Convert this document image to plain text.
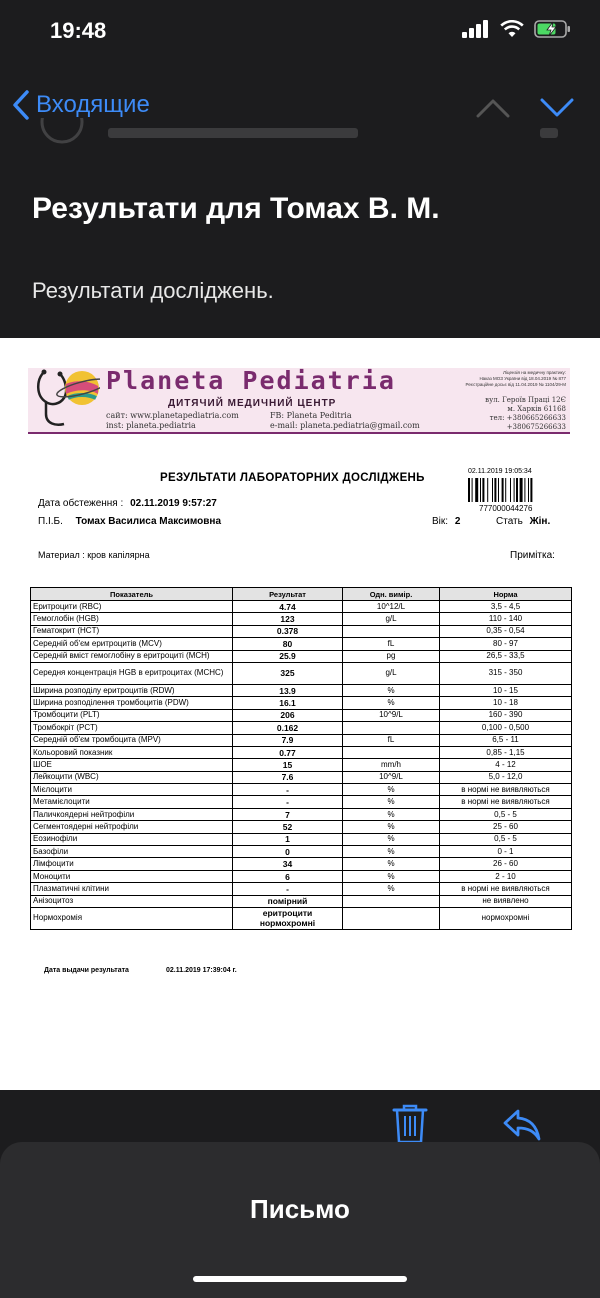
19:48
Входящие
Результати для Томах В. М.
Результати досліджень.
Planeta Pediatria
ДИТЯЧИЙ МЕДИЧНИЙ ЦЕНТР
сайт: www.planetapediatria.com
inst: planeta.pediatria
FB: Planeta Peditria
e-mail: planeta.pediatria@gmail.com
Ліцензія на медичну практику:
Наказ МОЗ України від 18.04.2019 № 877
Реєстраційне досьє від 11.04.2019 № 1104/29-М
вул. Героїв Праці 12Є
м. Харків 61168
тел: +380665266633
+380675266633
РЕЗУЛЬТАТИ ЛАБОРАТОРНИХ ДОСЛІДЖЕНЬ
02.11.2019 19:05:34
777000044276
Дата обстеження : 02.11.2019 9:57:27
П.І.Б. Томах Василиса Максимовна	Вік: 2	Стать Жін.
Материал : кров капілярна	Примітка:
Показатель	Результат	Одн. вимір.	Норма
Еритроцити (RBC)	4.74	10^12/L	3,5 - 4,5
Гемоглобін (HGB)	123	g/L	110 - 140
Гематокрит (HCT)	0.378		0,35 - 0,54
Середній об'єм еритроцитів (MCV)	80	fL	80 - 97
Середній вміст гемоглобіну в еритроциті (MCH)	25.9	pg	26,5 - 33,5
Середня концентрація HGB в еритроцитах (MCHC)	325	g/L	315 - 350
Ширина розподілу еритроцитів (RDW)	13.9	%	10 - 15
Ширина розподілення тромбоцитів (PDW)	16.1	%	10 - 18
Тромбоцити (PLT)	206	10^9/L	160 - 390
Тромбокріт (PCT)	0.162		0,100 - 0,500
Середній об'єм тромбоцита (MPV)	7.9	fL	6,5 - 11
Кольоровий показник	0.77		0,85 - 1,15
ШОЕ	15	mm/h	4 - 12
Лейкоцити (WBC)	7.6	10^9/L	5,0 - 12,0
Мієлоцити	-	%	в нормі не виявляються
Метамієлоцити	-	%	в нормі не виявляються
Паличкоядерні нейтрофіли	7	%	0,5 - 5
Сегментоядерні нейтрофіли	52	%	25 - 60
Еозинофіли	1	%	0,5 - 5
Базофіли	0	%	0 - 1
Лімфоцити	34	%	26 - 60
Моноцити	6	%	2 - 10
Плазматичні клітини	-	%	в нормі не виявляються
Анізоцитоз	помірний		не виявлено
Нормохромія	еритроцити нормохромні		нормохромні
Дата выдачи результата	02.11.2019 17:39:04 г.
Письмо
